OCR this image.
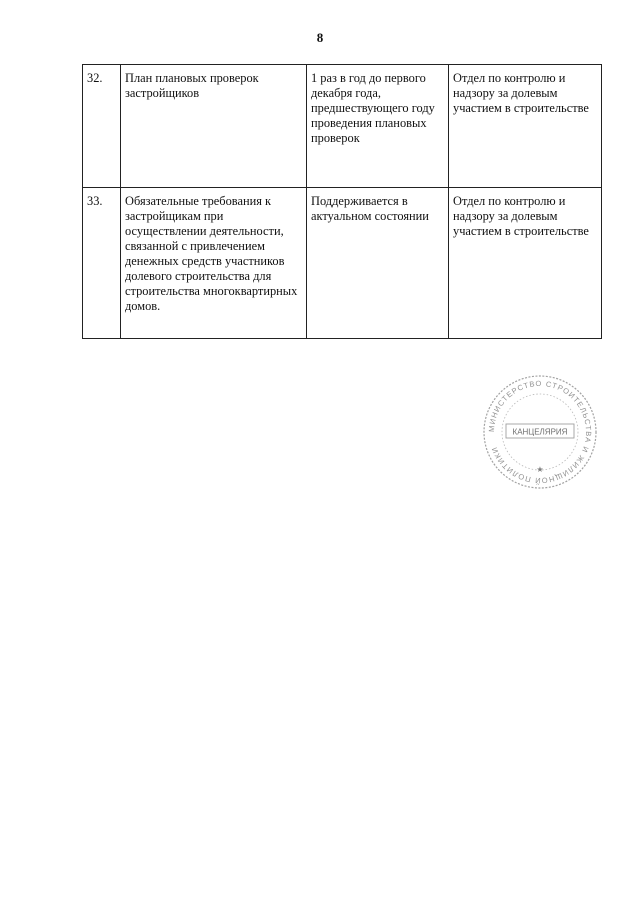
8
32.	План плановых проверок застройщиков	1 раз в год до первого декабря года, предшествующего году проведения плановых проверок	Отдел по контролю и надзору за долевым участием в строительстве
33.	Обязательные требования к застройщикам при осуществлении деятельности, связанной с привлечением денежных средств участников долевого строительства для строительства многоквартирных домов.	Поддерживается в актуальном состоянии	Отдел по контролю и надзору за долевым участием в строительстве
МИНИСТЕРСТВО СТРОИТЕЛЬСТВА И ЖИЛИЩНОЙ ПОЛИТИКИ
КАНЦЕЛЯРИЯ
★
